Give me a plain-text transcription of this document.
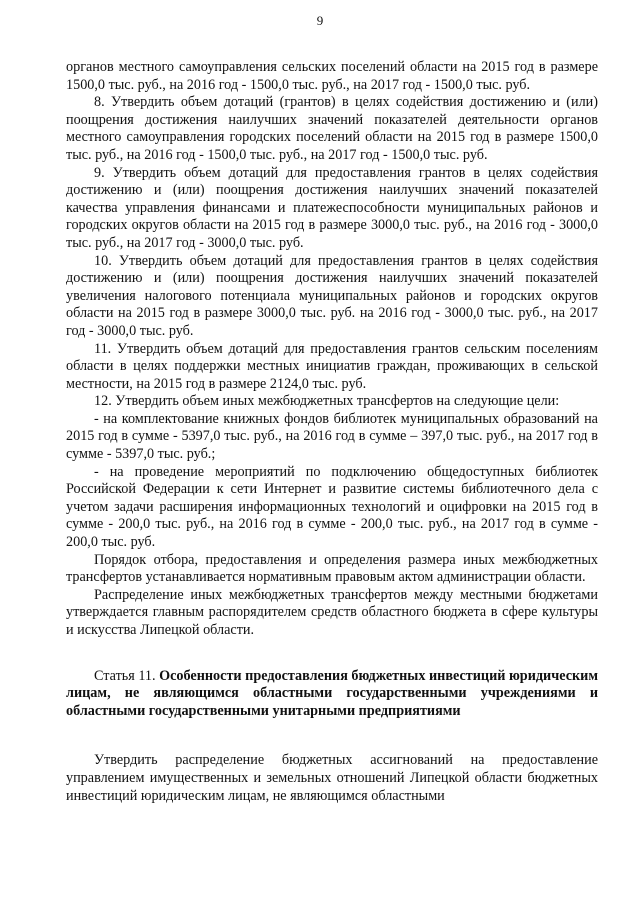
9

органов местного самоуправления сельских поселений области на 2015 год в размере 1500,0 тыс. руб., на 2016 год - 1500,0 тыс. руб., на 2017 год - 1500,0 тыс. руб.

8. Утвердить объем дотаций (грантов) в целях содействия достижению и (или) поощрения достижения наилучших значений показателей деятельности органов местного самоуправления городских поселений области на 2015 год в размере 1500,0 тыс. руб., на 2016 год - 1500,0 тыс. руб., на 2017 год - 1500,0 тыс. руб.

9. Утвердить объем дотаций для предоставления грантов в целях содействия достижению и (или) поощрения достижения наилучших значений показателей качества управления финансами и платежеспособности муниципальных районов и городских округов области на 2015 год в размере 3000,0 тыс. руб., на 2016 год - 3000,0 тыс. руб., на 2017 год - 3000,0 тыс. руб.

10. Утвердить объем дотаций для предоставления грантов в целях содействия достижению и (или) поощрения достижения наилучших значений показателей увеличения налогового потенциала муниципальных районов и городских округов области на 2015 год в размере 3000,0 тыс. руб. на 2016 год - 3000,0 тыс. руб., на 2017 год - 3000,0 тыс. руб.

11. Утвердить объем дотаций для предоставления грантов сельским поселениям области в целях поддержки местных инициатив граждан, проживающих в сельской местности, на 2015 год в размере 2124,0 тыс. руб.

12. Утвердить объем иных межбюджетных трансфертов на следующие цели:

- на комплектование книжных фондов библиотек муниципальных образований на 2015 год в сумме - 5397,0 тыс. руб., на 2016 год в сумме – 397,0 тыс. руб., на 2017 год в сумме - 5397,0 тыс. руб.;

- на проведение мероприятий по подключению общедоступных библиотек Российской Федерации к сети Интернет и развитие системы библиотечного дела с учетом задачи расширения информационных технологий и оцифровки на 2015 год в сумме - 200,0 тыс. руб., на 2016 год в сумме - 200,0 тыс. руб., на 2017 год в сумме - 200,0 тыс. руб.

Порядок отбора, предоставления и определения размера иных межбюджетных трансфертов устанавливается нормативным правовым актом администрации области.

Распределение иных межбюджетных трансфертов между местными бюджетами утверждается главным распорядителем средств областного бюджета в сфере культуры и искусства Липецкой области.

Статья 11. Особенности предоставления бюджетных инвестиций юридическим лицам, не являющимся областными государственными учреждениями и областными государственными унитарными предприятиями

Утвердить распределение бюджетных ассигнований на предоставление управлением имущественных и земельных отношений Липецкой области бюджетных инвестиций юридическим лицам, не являющимся областными
